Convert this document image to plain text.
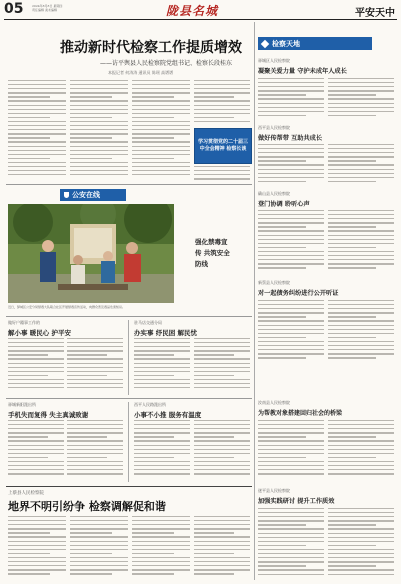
05	2024年8月8日 星期四
责任编辑 美术编辑	陇县名城	平安天中
推动新时代检察工作提质增效
——访平舆县人民检察院党组书记、检察长段桂东
本报记者 何涛涛 通讯员 陈瑶 高谱谱
学习贯彻党的二十届三中全会精神 检察长谈
检察天地
驿城区人民检察院
凝聚关爱力量 守护未成年人成长
西平县人民检察院
做好传帮带 互助共成长
确山县人民检察院
登门协调 聆听心声
新蔡县人民检察院
对一起债务纠纷进行公开听证
汝南县人民检察院
为帮教对象搭建回归社会的桥梁
遂平县人民检察院
加强实践研讨 提升工作质效
公安在线
强化禁毒宣传 共筑安全防线
近日，驿城区公安分局禁毒大队联合社区开展禁毒宣传活动，向群众普及毒品危害知识。
做好户籍事工作的
解小事 暖民心 护平安
驻马店交通分局
办实事 纾民困 解民忧
驿城新阳派出所
手机失而复得 失主真诚致谢
西平人民路派出所
小事不小推 服务有温度
上蔡县人民检察院
地界不明引纷争 检察调解促和谐
